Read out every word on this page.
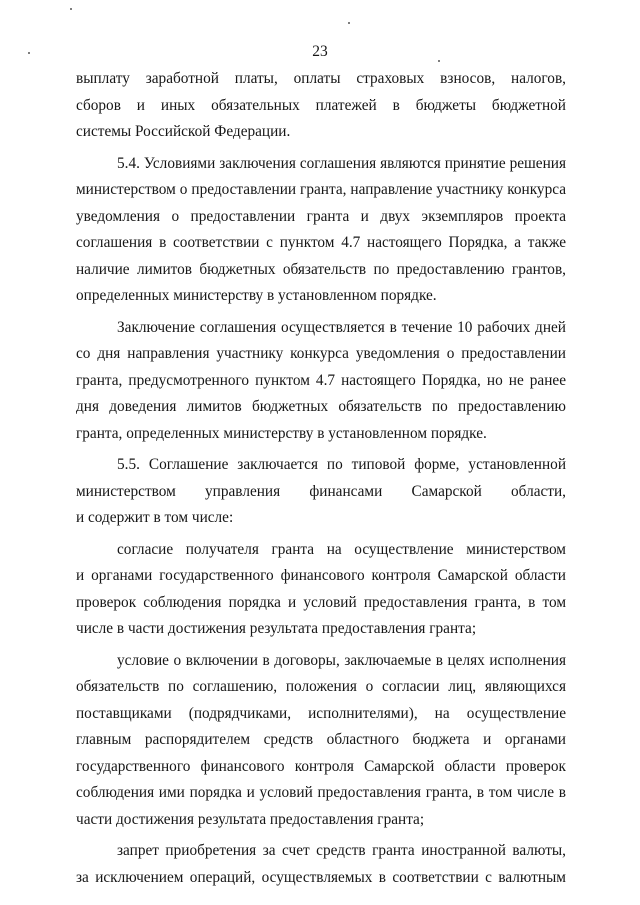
23
выплату заработной платы, оплаты страховых взносов, налогов,
сборов и иных обязательных платежей в бюджеты бюджетной
системы Российской Федерации.
5.4. Условиями заключения соглашения являются принятие решения
министерством о предоставлении гранта, направление участнику конкурса
уведомления о предоставлении гранта и двух экземпляров проекта
соглашения в соответствии с пунктом 4.7 настоящего Порядка, а также
наличие лимитов бюджетных обязательств по предоставлению грантов,
определенных министерству в установленном порядке.
Заключение соглашения осуществляется в течение 10 рабочих дней
со дня направления участнику конкурса уведомления о предоставлении
гранта, предусмотренного пунктом 4.7 настоящего Порядка, но не ранее
дня доведения лимитов бюджетных обязательств по предоставлению
гранта, определенных министерству в установленном порядке.
5.5. Соглашение заключается по типовой форме, установленной
министерством управления финансами Самарской области,
и содержит в том числе:
согласие получателя гранта на осуществление министерством
и органами государственного финансового контроля Самарской области
проверок соблюдения порядка и условий предоставления гранта, в том
числе в части достижения результата предоставления гранта;
условие о включении в договоры, заключаемые в целях исполнения
обязательств по соглашению, положения о согласии лиц, являющихся
поставщиками (подрядчиками, исполнителями), на осуществление
главным распорядителем средств областного бюджета и органами
государственного финансового контроля Самарской области проверок
соблюдения ими порядка и условий предоставления гранта, в том числе в
части достижения результата предоставления гранта;
запрет приобретения за счет средств гранта иностранной валюты,
за исключением операций, осуществляемых в соответствии с валютным
